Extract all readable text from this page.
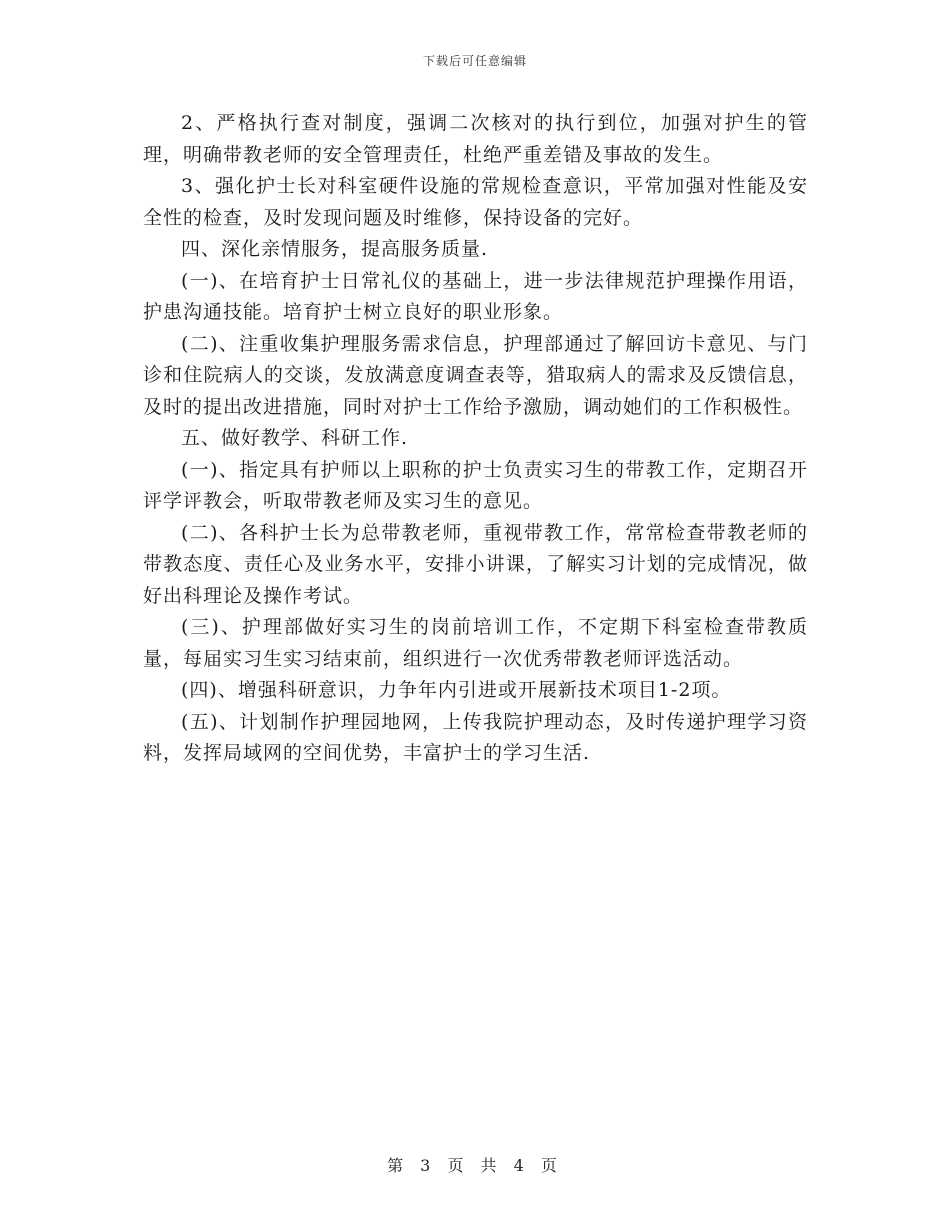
下载后可任意编辑

2、严格执行查对制度，强调二次核对的执行到位，加强对护生的管理，明确带教老师的安全管理责任，杜绝严重差错及事故的发生。

3、强化护士长对科室硬件设施的常规检查意识，平常加强对性能及安全性的检查，及时发现问题及时维修，保持设备的完好。

四、深化亲情服务，提高服务质量.

(一)、在培育护士日常礼仪的基础上，进一步法律规范护理操作用语，护患沟通技能。培育护士树立良好的职业形象。

(二)、注重收集护理服务需求信息，护理部通过了解回访卡意见、与门诊和住院病人的交谈，发放满意度调查表等，猎取病人的需求及反馈信息，及时的提出改进措施，同时对护士工作给予激励，调动她们的工作积极性。

五、做好教学、科研工作.

(一)、指定具有护师以上职称的护士负责实习生的带教工作，定期召开评学评教会，听取带教老师及实习生的意见。

(二)、各科护士长为总带教老师，重视带教工作，常常检查带教老师的带教态度、责任心及业务水平，安排小讲课，了解实习计划的完成情况，做好出科理论及操作考试。

(三)、护理部做好实习生的岗前培训工作，不定期下科室检查带教质量，每届实习生实习结束前，组织进行一次优秀带教老师评选活动。

(四)、增强科研意识，力争年内引进或开展新技术项目1-2项。

(五)、计划制作护理园地网，上传我院护理动态，及时传递护理学习资料，发挥局域网的空间优势，丰富护士的学习生活.

第 3 页 共 4 页
